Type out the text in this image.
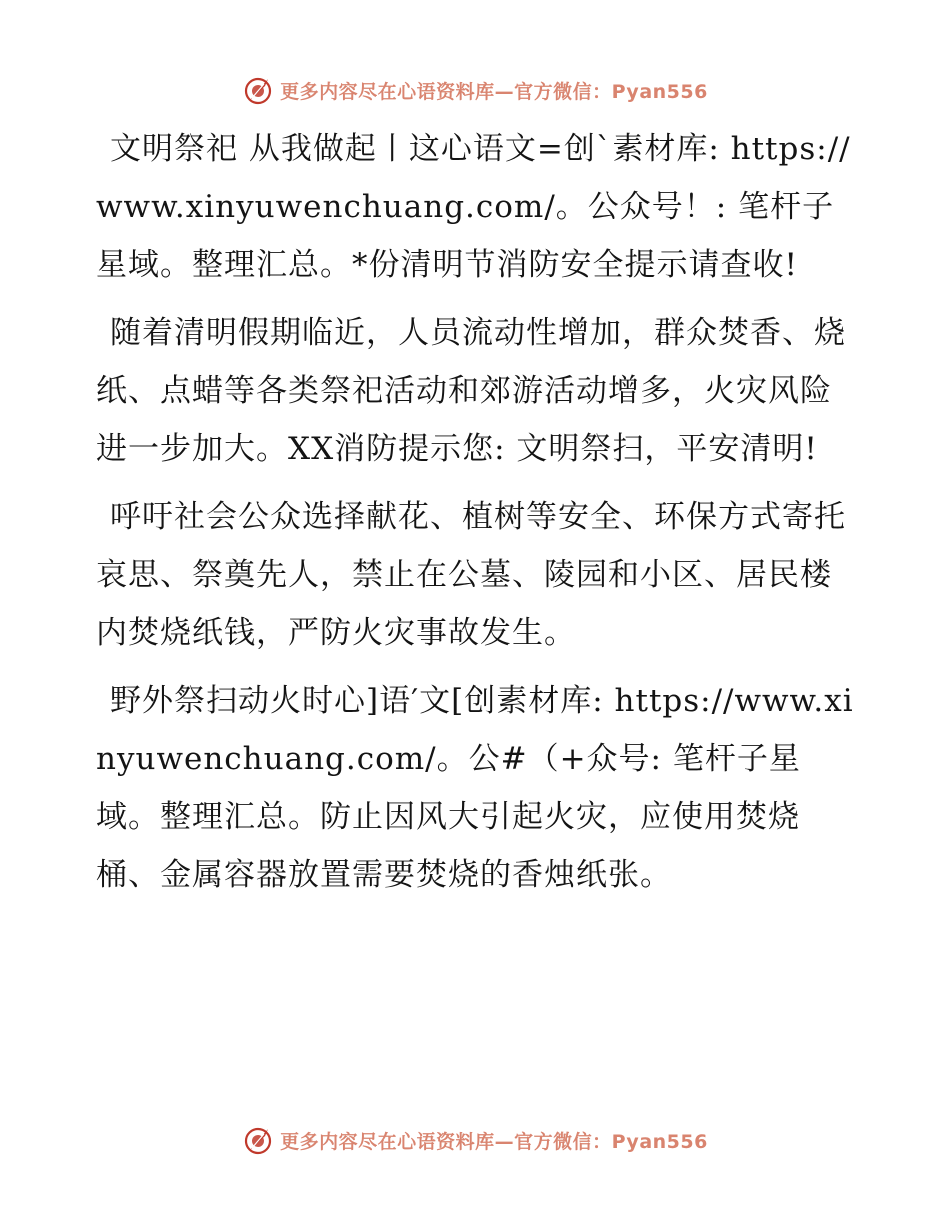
更多内容尽在心语资料库—官方微信：Pyan556

文明祭祀 从我做起丨这心语文=创`素材库: https://www.xinyuwenchuang.com/。公众号！: 笔杆子星域。整理汇总。*份清明节消防安全提示请查收!

随着清明假期临近，人员流动性增加，群众焚香、烧纸、点蜡等各类祭祀活动和郊游活动增多，火灾风险进一步加大。XX消防提示您: 文明祭扫，平安清明!

呼吁社会公众选择献花、植树等安全、环保方式寄托哀思、祭奠先人，禁止在公墓、陵园和小区、居民楼内焚烧纸钱，严防火灾事故发生。

野外祭扫动火时心]语′文[创素材库: https://www.xinyuwenchuang.com/。公#（+众号: 笔杆子星域。整理汇总。防止因风大引起火灾，应使用焚烧桶、金属容器放置需要焚烧的香烛纸张。

更多内容尽在心语资料库—官方微信：Pyan556
